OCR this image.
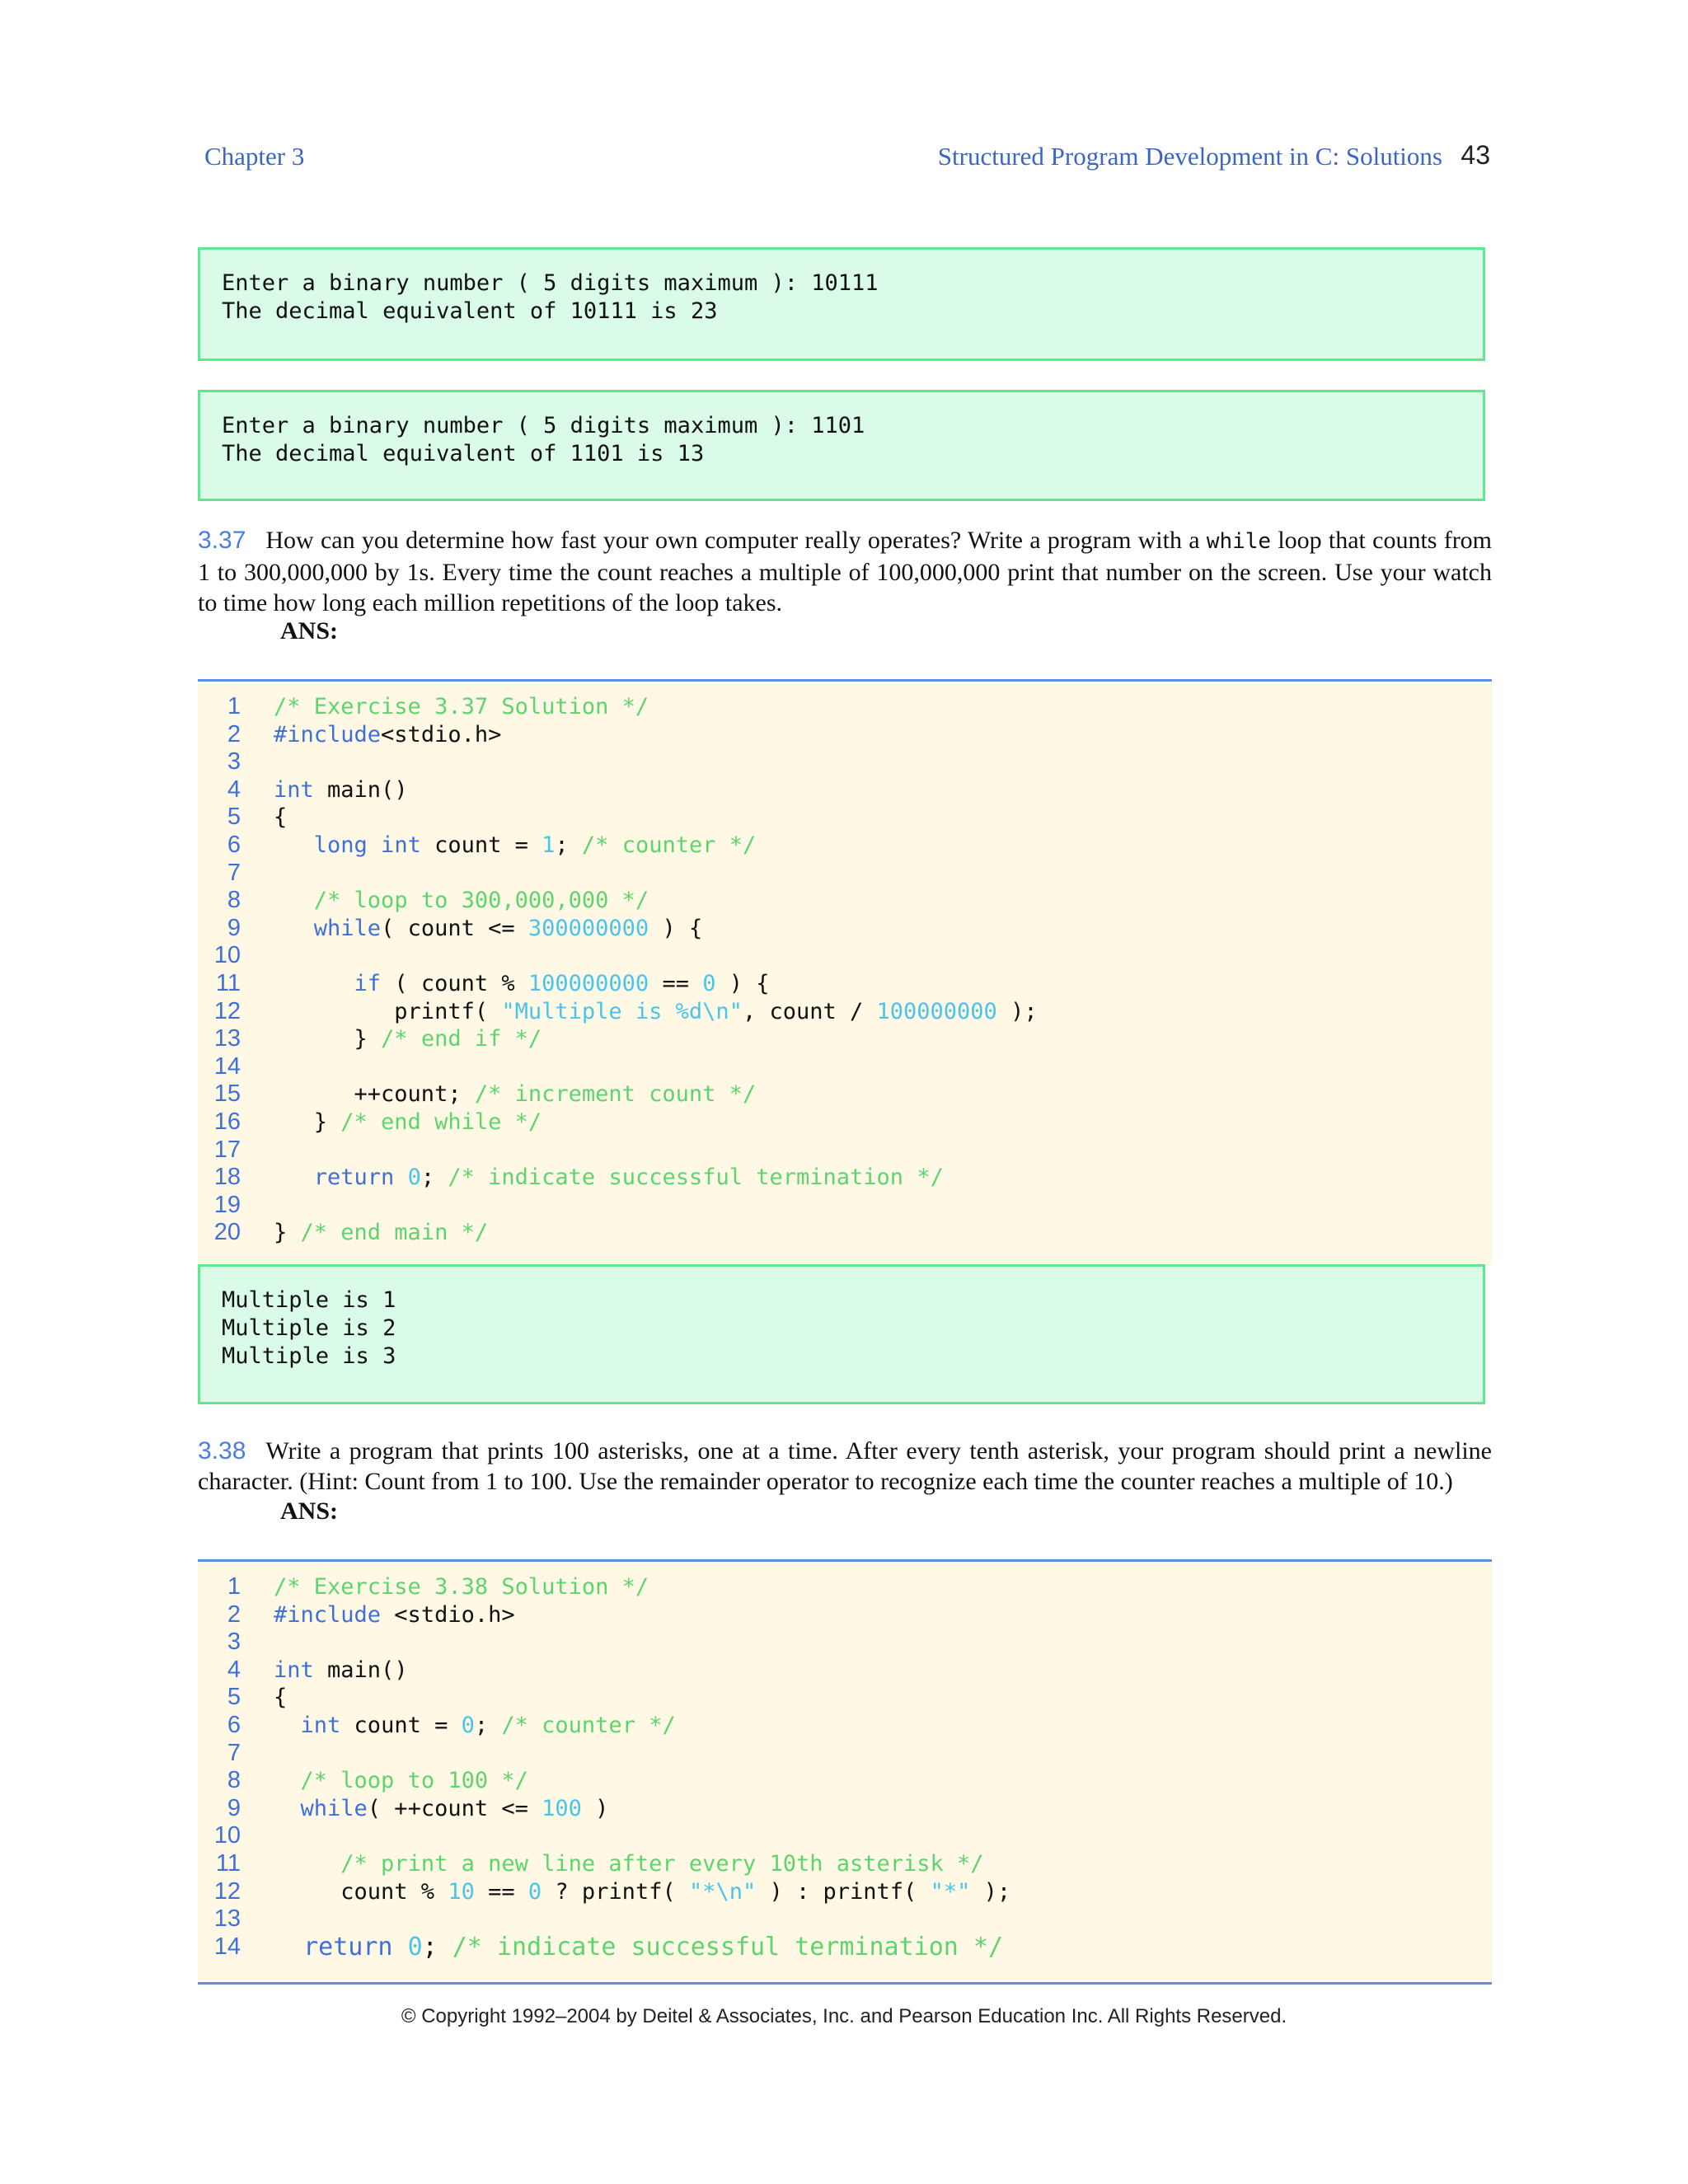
Chapter 3	Structured Program Development in C: Solutions 43
Enter a binary number ( 5 digits maximum ): 10111
The decimal equivalent of 10111 is 23
Enter a binary number ( 5 digits maximum ): 1101
The decimal equivalent of 1101 is 13
3.37 How can you determine how fast your own computer really operates? Write a program with a while loop that counts from 1 to 300,000,000 by 1s. Every time the count reaches a multiple of 100,000,000 print that number on the screen. Use your watch to time how long each million repetitions of the loop takes.
ANS:
1 /* Exercise 3.37 Solution */
2 #include<stdio.h>
3
4 int main()
5 {
6	long int count = 1; /* counter */
7
8	/* loop to 300,000,000 */
9	while( count <= 300000000 ) {
10
11	if ( count % 100000000 == 0 ) {
12 printf( "Multiple is %d\n", count / 100000000 );
13 } /* end if */
14
15 ++count; /* increment count */
16 } /* end while */
17
18	return 0; /* indicate successful termination */
19
20 } /* end main */
Multiple is 1
Multiple is 2
Multiple is 3
3.38 Write a program that prints 100 asterisks, one at a time. After every tenth asterisk, your program should print a newline character. (Hint: Count from 1 to 100. Use the remainder operator to recognize each time the counter reaches a multiple of 10.)
ANS:
1 /* Exercise 3.38 Solution */
2 #include <stdio.h>
3
4 int main()
5 {
6	int count = 0; /* counter */
7
8	/* loop to 100 */
9	while( ++count <= 100 )
10
11	/* print a new line after every 10th asterisk */
12 count % 10 == 0 ? printf( "*\n" ) : printf( "*" );
13
14	return 0; /* indicate successful termination */
© Copyright 1992–2004 by Deitel & Associates, Inc. and Pearson Education Inc. All Rights Reserved.
